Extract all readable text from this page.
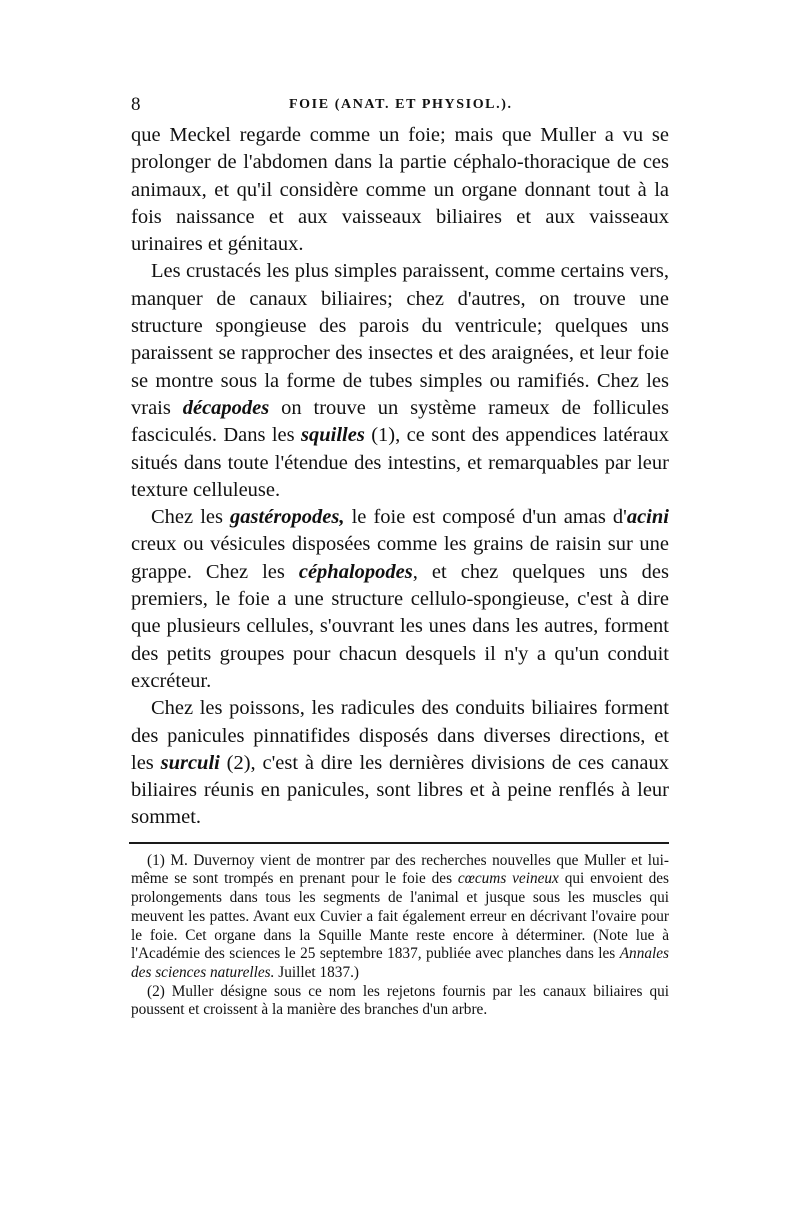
8	FOIE (ANAT. ET PHYSIOL.).

que Meckel regarde comme un foie; mais que Muller a vu se prolonger de l'abdomen dans la partie céphalo-thoracique de ces animaux, et qu'il considère comme un organe donnant tout à la fois naissance et aux vaisseaux biliaires et aux vaisseaux urinaires et génitaux.

Les crustacés les plus simples paraissent, comme certains vers, manquer de canaux biliaires; chez d'autres, on trouve une structure spongieuse des parois du ventricule; quelques uns paraissent se rapprocher des insectes et des araignées, et leur foie se montre sous la forme de tubes simples ou ramifiés. Chez les vrais décapodes on trouve un système rameux de follicules fasciculés. Dans les squilles (1), ce sont des appendices latéraux situés dans toute l'étendue des intestins, et remarquables par leur texture celluleuse.

Chez les gastéropodes, le foie est composé d'un amas d'acini creux ou vésicules disposées comme les grains de raisin sur une grappe. Chez les céphalopodes, et chez quelques uns des premiers, le foie a une structure cellulo-spongieuse, c'est à dire que plusieurs cellules, s'ouvrant les unes dans les autres, forment des petits groupes pour chacun desquels il n'y a qu'un conduit excréteur.

Chez les poissons, les radicules des conduits biliaires forment des panicules pinnatifides disposés dans diverses directions, et les surculi (2), c'est à dire les dernières divisions de ces canaux biliaires réunis en panicules, sont libres et à peine renflés à leur sommet.

(1) M. Duvernoy vient de montrer par des recherches nouvelles que Muller et lui-même se sont trompés en prenant pour le foie des cœcums veineux qui envoient des prolongements dans tous les segments de l'animal et jusque sous les muscles qui meuvent les pattes. Avant eux Cuvier a fait également erreur en décrivant l'ovaire pour le foie. Cet organe dans la Squille Mante reste encore à déterminer. (Note lue à l'Académie des sciences le 25 septembre 1837, publiée avec planches dans les Annales des sciences naturelles. Juillet 1837.)

(2) Muller désigne sous ce nom les rejetons fournis par les canaux biliaires qui poussent et croissent à la manière des branches d'un arbre.
